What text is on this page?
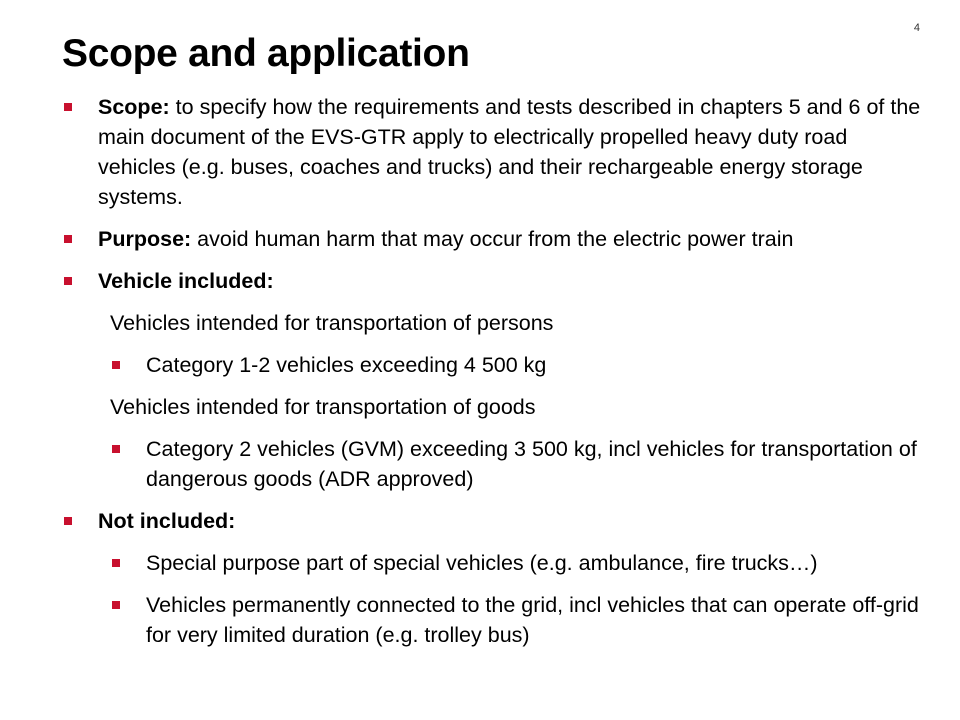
4
Scope and application
Scope: to specify how the requirements and tests described in chapters 5 and 6 of the main document of the EVS-GTR apply to electrically propelled heavy duty road vehicles (e.g. buses, coaches and trucks) and their rechargeable energy storage systems.
Purpose: avoid human harm that may occur from the electric power train
Vehicle included:
Vehicles intended for transportation of persons
Category 1-2 vehicles exceeding 4 500 kg
Vehicles intended for transportation of goods
Category 2 vehicles (GVM) exceeding 3 500 kg, incl vehicles for transportation of dangerous goods (ADR approved)
Not included:
Special purpose part of special vehicles (e.g. ambulance, fire trucks…)
Vehicles permanently connected to the grid, incl vehicles that can operate off-grid for very limited duration (e.g. trolley bus)
